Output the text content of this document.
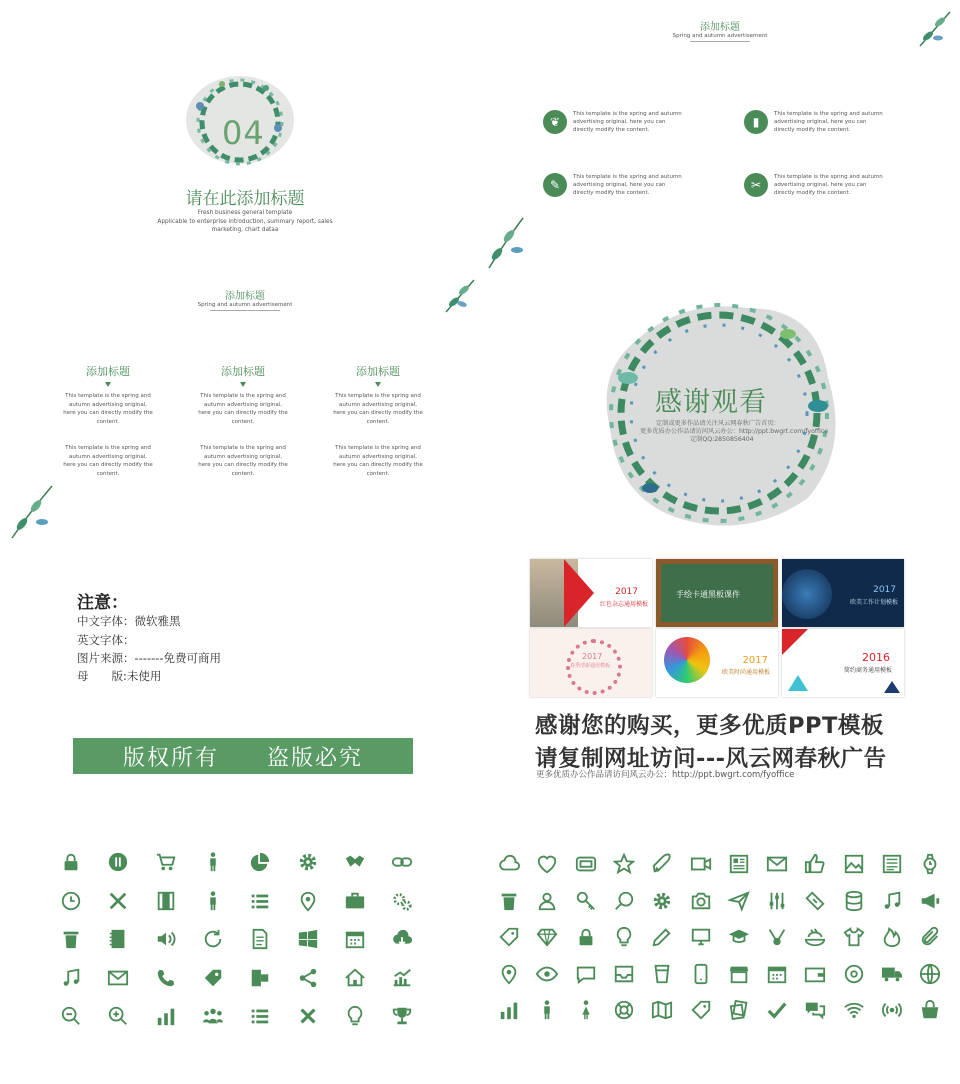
04
请在此添加标题
Fresh business general template
Applicable to enterprise introduction, summary report, sales
marketing, chart dataa
添加标题
Spring and autumn advertisement
❦
This template is the spring and autumn advertising original, here you can directly modify the content.
▮
This template is the spring and autumn advertising original, here you can directly modify the content.
✎
This template is the spring and autumn advertising original, here you can directly modify the content.
✂
This template is the spring and autumn advertising original, here you can directly modify the content.
添加标题
Spring and autumn advertisement
添加标题
This template is the spring and autumn advertising original, here you can directly modify the content.
This template is the spring and autumn advertising original, here you can directly modify the content.
添加标题
This template is the spring and autumn advertising original, here you can directly modify the content.
This template is the spring and autumn advertising original, here you can directly modify the content.
添加标题
This template is the spring and autumn advertising original, here you can directly modify the content.
This template is the spring and autumn advertising original, here you can directly modify the content.
感谢观看
定制或更多作品请关注风云网春秋广告首页：
更多优质办公作品请访问风云办公：http://ppt.bwgrt.com/fyoffice
定制QQ:2850856404
注意：
中文字体：微软雅黑
英文字体：
图片来源：-------免费可商用
母　　版:未使用
版权所有　　盗版必究
2017
红色杂志通用模板
手绘卡通黑板课件	2017
欧美工作计划模板
2017
春季清新通用模板	2017
欧美时尚通用模板
2016
简约商务通用模板
感谢您的购买，更多优质PPT模板
请复制网址访问---风云网春秋广告
更多优质办公作品请访问风云办公：http://ppt.bwgrt.com/fyoffice
